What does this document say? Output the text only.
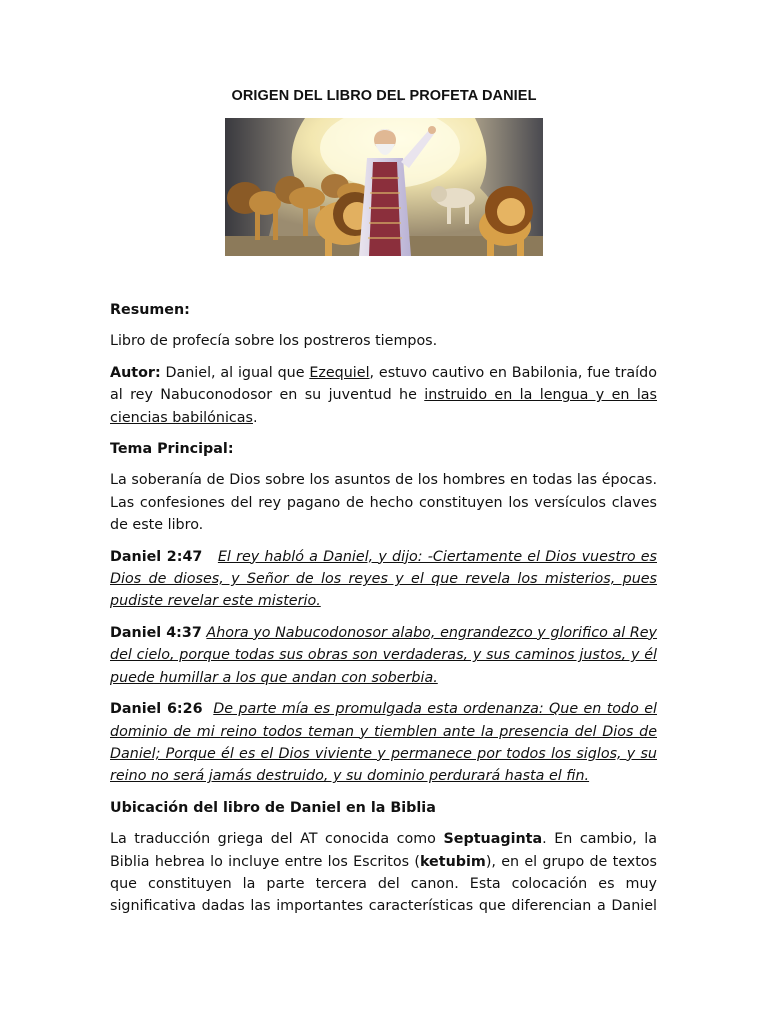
ORIGEN DEL LIBRO DEL PROFETA DANIEL

Resumen:

Libro de profecía sobre los postreros tiempos.

Autor: Daniel, al igual que Ezequiel, estuvo cautivo en Babilonia, fue traído al rey Nabuconodosor en su juventud he instruido en la lengua y en las ciencias babilónicas.

Tema Principal:

La soberanía de Dios sobre los asuntos de los hombres en todas las épocas. Las confesiones del rey pagano de hecho constituyen los versículos claves de este libro.

Daniel 2:47 El rey habló a Daniel, y dijo: -Ciertamente el Dios vuestro es Dios de dioses, y Señor de los reyes y el que revela los misterios, pues pudiste revelar este misterio.

Daniel 4:37 Ahora yo Nabucodonosor alabo, engrandezco y glorifico al Rey del cielo, porque todas sus obras son verdaderas, y sus caminos justos, y él puede humillar a los que andan con soberbia.

Daniel 6:26 De parte mía es promulgada esta ordenanza: Que en todo el dominio de mi reino todos teman y tiemblen ante la presencia del Dios de Daniel; Porque él es el Dios viviente y permanece por todos los siglos, y su reino no será jamás destruido, y su dominio perdurará hasta el fin.

Ubicación del libro de Daniel en la Biblia

La traducción griega del AT conocida como Septuaginta. En cambio, la Biblia hebrea lo incluye entre los Escritos (ketubim), en el grupo de textos que constituyen la parte tercera del canon. Esta colocación es muy significativa dadas las importantes características que diferencian a Daniel
